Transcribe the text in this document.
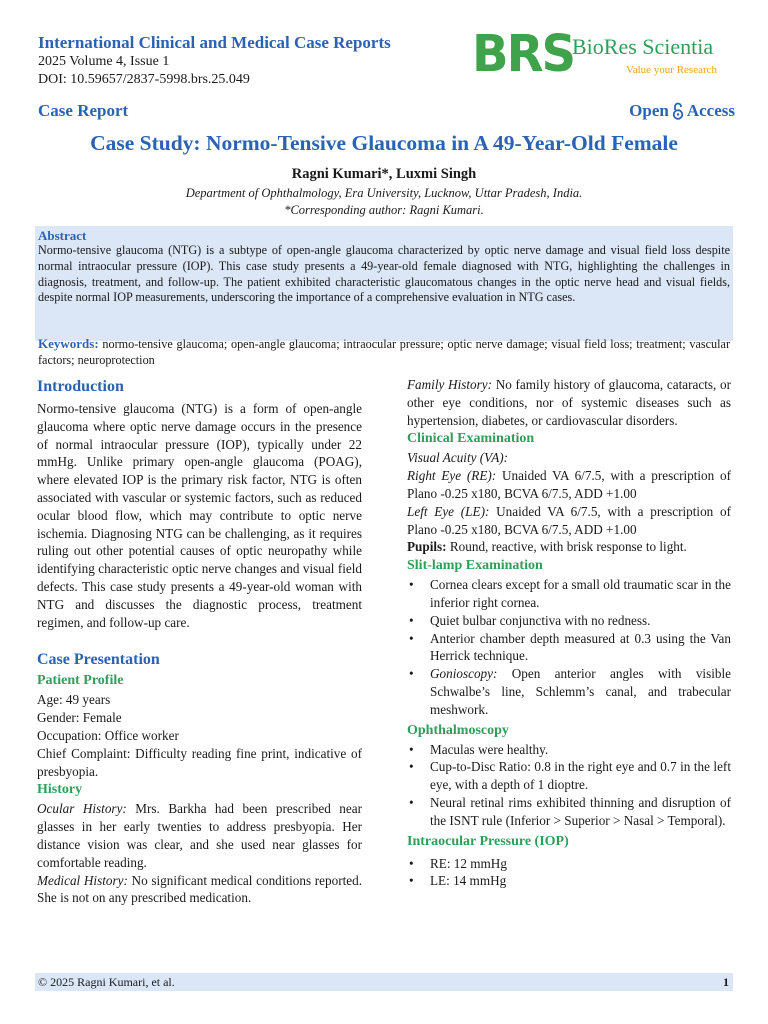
International Clinical and Medical Case Reports
2025 Volume 4, Issue 1
DOI: 10.59657/2837-5998.brs.25.049	BRS
BioRes Scientia
Value your Research
Case Report	Open Access
Case Study: Normo-Tensive Glaucoma in A 49-Year-Old Female
Ragni Kumari*, Luxmi Singh
Department of Ophthalmology, Era University, Lucknow, Uttar Pradesh, India.
*Corresponding author: Ragni Kumari.
Abstract
Normo-tensive glaucoma (NTG) is a subtype of open-angle glaucoma characterized by optic nerve damage and visual field loss despite normal intraocular pressure (IOP). This case study presents a 49-year-old female diagnosed with NTG, highlighting the challenges in diagnosis, treatment, and follow-up. The patient exhibited characteristic glaucomatous changes in the optic nerve head and visual fields, despite normal IOP measurements, underscoring the importance of a comprehensive evaluation in NTG cases.
Keywords: normo-tensive glaucoma; open-angle glaucoma; intraocular pressure; optic nerve damage; visual field loss; treatment; vascular factors; neuroprotection
Introduction
Normo-tensive glaucoma (NTG) is a form of open-angle glaucoma where optic nerve damage occurs in the presence of normal intraocular pressure (IOP), typically under 22 mmHg. Unlike primary open-angle glaucoma (POAG), where elevated IOP is the primary risk factor, NTG is often associated with vascular or systemic factors, such as reduced ocular blood flow, which may contribute to optic nerve ischemia. Diagnosing NTG can be challenging, as it requires ruling out other potential causes of optic neuropathy while identifying characteristic optic nerve changes and visual field defects. This case study presents a 49-year-old woman with NTG and discusses the diagnostic process, treatment regimen, and follow-up care.
Case Presentation
Patient Profile
Age: 49 years
Gender: Female
Occupation: Office worker
Chief Complaint: Difficulty reading fine print, indicative of presbyopia.
History
Ocular History: Mrs. Barkha had been prescribed near glasses in her early twenties to address presbyopia. Her distance vision was clear, and she used near glasses for comfortable reading.
Medical History: No significant medical conditions reported. She is not on any prescribed medication.
Family History: No family history of glaucoma, cataracts, or other eye conditions, nor of systemic diseases such as hypertension, diabetes, or cardiovascular disorders.
Clinical Examination
Visual Acuity (VA):
Right Eye (RE): Unaided VA 6/7.5, with a prescription of Plano -0.25 x180, BCVA 6/7.5, ADD +1.00
Left Eye (LE): Unaided VA 6/7.5, with a prescription of Plano -0.25 x180, BCVA 6/7.5, ADD +1.00
Pupils: Round, reactive, with brisk response to light.
Slit-lamp Examination
• Cornea clears except for a small old traumatic scar in the inferior right cornea.
• Quiet bulbar conjunctiva with no redness.
• Anterior chamber depth measured at 0.3 using the Van Herrick technique.
• Gonioscopy: Open anterior angles with visible Schwalbe’s line, Schlemm’s canal, and trabecular meshwork.
Ophthalmoscopy
• Maculas were healthy.
• Cup-to-Disc Ratio: 0.8 in the right eye and 0.7 in the left eye, with a depth of 1 dioptre.
• Neural retinal rims exhibited thinning and disruption of the ISNT rule (Inferior > Superior > Nasal > Temporal).
Intraocular Pressure (IOP)
• RE: 12 mmHg
• LE: 14 mmHg
© 2025 Ragni Kumari, et al.	1
